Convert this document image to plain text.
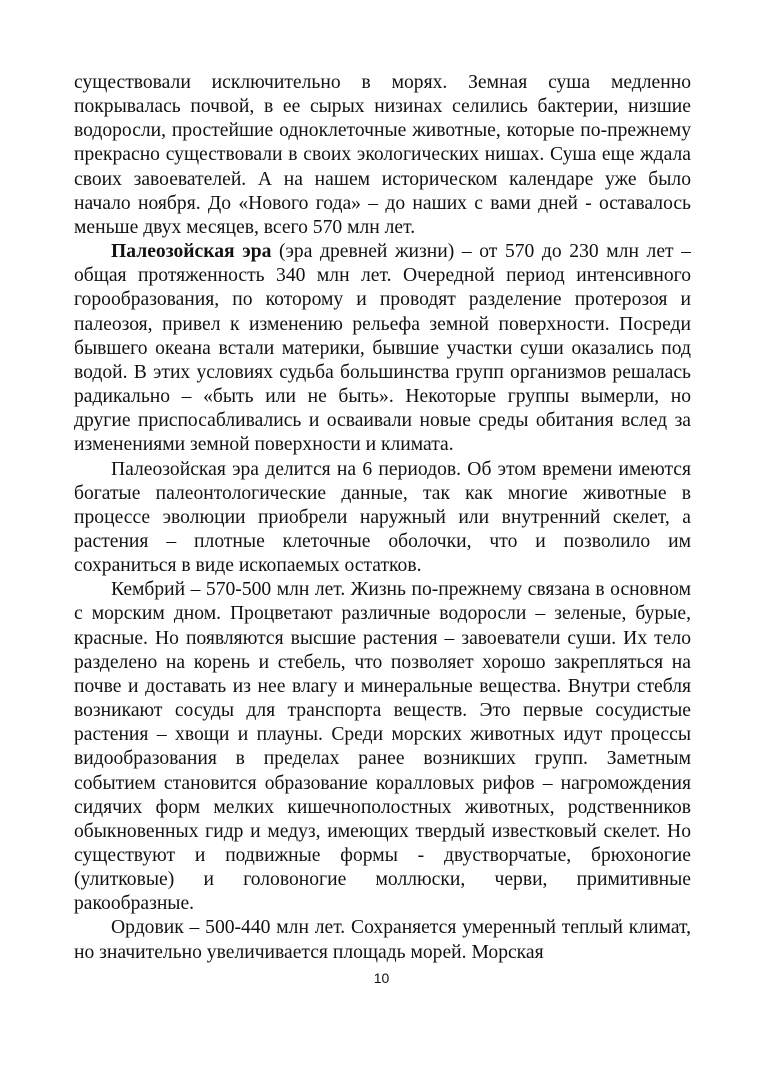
существовали исключительно в морях. Земная суша медленно покрывалась почвой, в ее сырых низинах селились бактерии, низшие водоросли, простейшие одноклеточные животные, которые по-прежнему прекрасно существовали в своих экологических нишах. Суша еще ждала своих завоевателей. А на нашем историческом календаре уже было начало ноября. До «Нового года» – до наших с вами дней - оставалось меньше двух месяцев, всего 570 млн лет.

Палеозойская эра (эра древней жизни) – от 570 до 230 млн лет – общая протяженность 340 млн лет. Очередной период интенсивного горообразования, по которому и проводят разделение протерозоя и палеозоя, привел к изменению рельефа земной поверхности. Посреди бывшего океана встали материки, бывшие участки суши оказались под водой. В этих условиях судьба большинства групп организмов решалась радикально – «быть или не быть». Некоторые группы вымерли, но другие приспосабливались и осваивали новые среды обитания вслед за изменениями земной поверхности и климата.

Палеозойская эра делится на 6 периодов. Об этом времени имеются богатые палеонтологические данные, так как многие животные в процессе эволюции приобрели наружный или внутренний скелет, а растения – плотные клеточные оболочки, что и позволило им сохраниться в виде ископаемых остатков.

Кембрий – 570-500 млн лет. Жизнь по-прежнему связана в основном с морским дном. Процветают различные водоросли – зеленые, бурые, красные. Но появляются высшие растения – завоеватели суши. Их тело разделено на корень и стебель, что позволяет хорошо закрепляться на почве и доставать из нее влагу и минеральные вещества. Внутри стебля возникают сосуды для транспорта веществ. Это первые сосудистые растения – хвощи и плауны. Среди морских животных идут процессы видообразования в пределах ранее возникших групп. Заметным событием становится образование коралловых рифов – нагромождения сидячих форм мелких кишечнополостных животных, родственников обыкновенных гидр и медуз, имеющих твердый известковый скелет. Но существуют и подвижные формы - двустворчатые, брюхоногие (улитковые) и головоногие моллюски, черви, примитивные ракообразные.

Ордовик – 500-440 млн лет. Сохраняется умеренный теплый климат, но значительно увеличивается площадь морей. Морская

10
